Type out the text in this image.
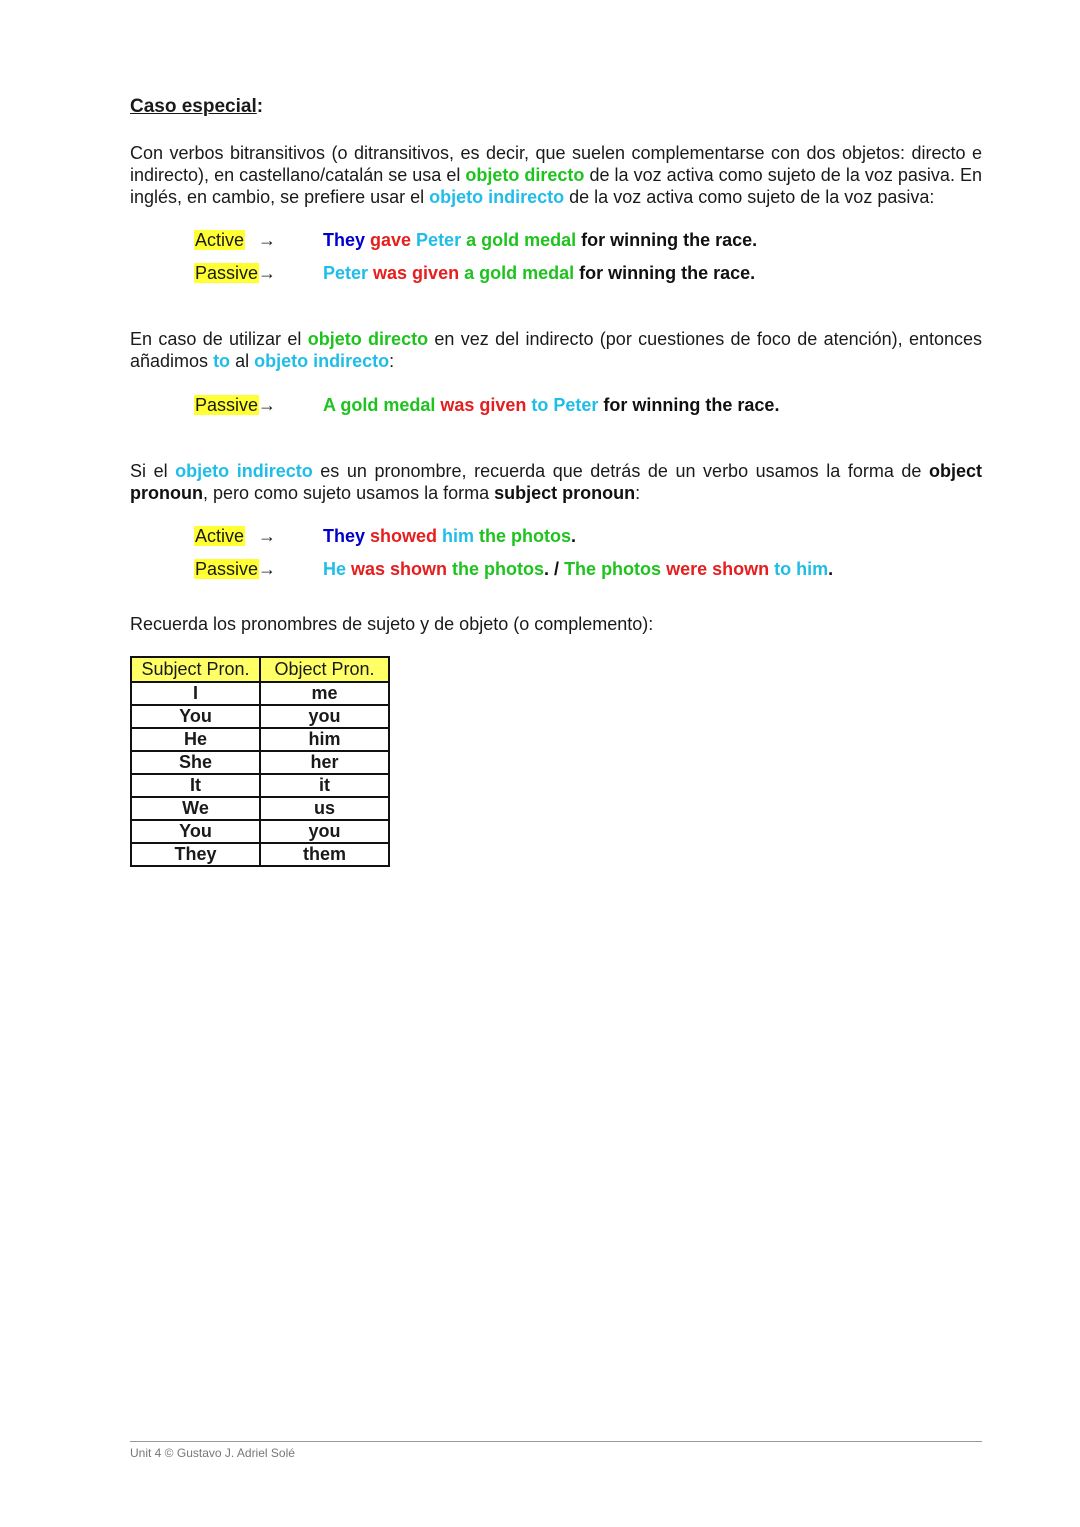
Caso especial:
Con verbos bitransitivos (o ditransitivos, es decir, que suelen complementarse con dos objetos: directo e indirecto), en castellano/catalán se usa el objeto directo de la voz activa como sujeto de la voz pasiva. En inglés, en cambio, se prefiere usar el objeto indirecto de la voz activa como sujeto de la voz pasiva:
Active →	They gave Peter a gold medal for winning the race.
Passive →	Peter was given a gold medal for winning the race.
En caso de utilizar el objeto directo en vez del indirecto (por cuestiones de foco de atención), entonces añadimos to al objeto indirecto:
Passive →	A gold medal was given to Peter for winning the race.
Si el objeto indirecto es un pronombre, recuerda que detrás de un verbo usamos la forma de object pronoun, pero como sujeto usamos la forma subject pronoun:
Active →	They showed him the photos.
Passive →	He was shown the photos. / The photos were shown to him.
Recuerda los pronombres de sujeto y de objeto (o complemento):
Subject Pron.	Object Pron.
I	me
You	you
He	him
She	her
It	it
We	us
You	you
They	them
Unit 4 © Gustavo J. Adriel Solé
